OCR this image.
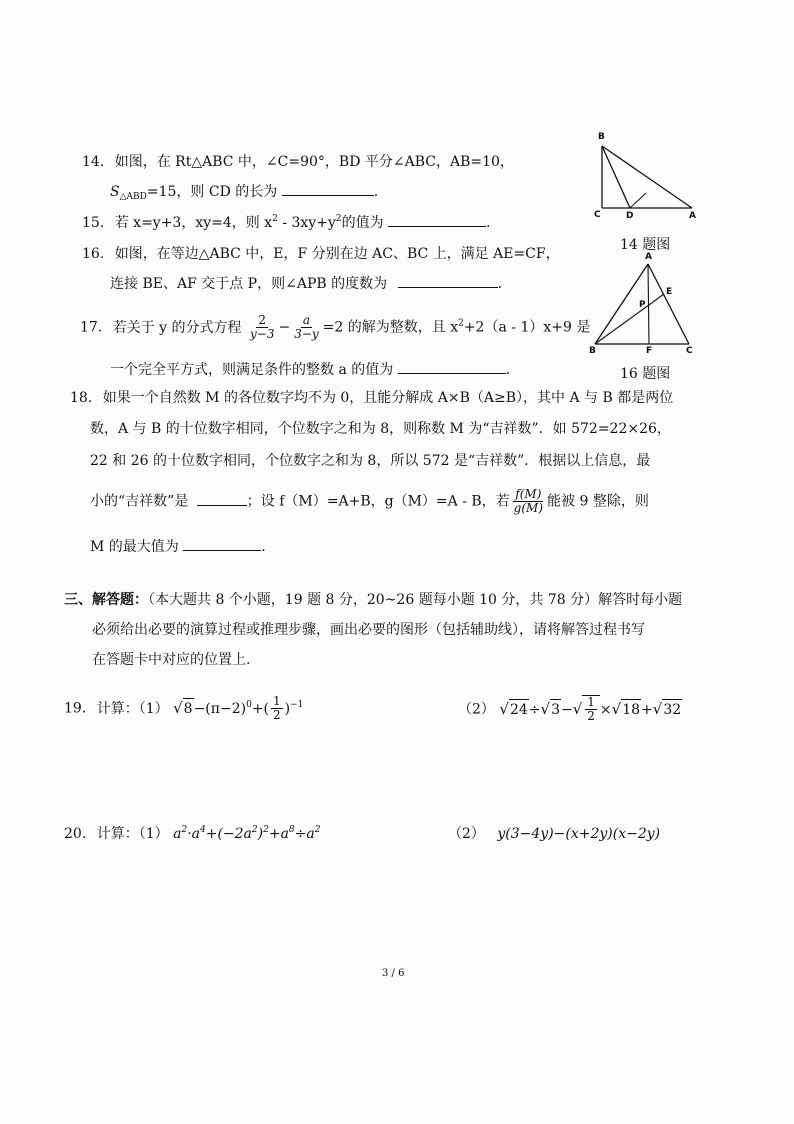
14. 如图，在 Rt△ABC 中，∠C=90°，BD 平分∠ABC，AB=10，
$S_{\triangle ABD}=15$，则 CD 的长为	.
15. 若 x=y+3，xy=4，则 $x^2 - 3xy+y^2$的值为	.
16. 如图，在等边△ABC 中，E，F 分别在边 AC、BC 上，满足 AE=CF，
连接 BE、AF 交于点 P，则∠APB 的度数为	.
17. 若关于 y 的分式方程 $\frac{2}{y-3} - \frac{a}{3-y} =2$ 的解为整数，且 $x^2+2(a - 1)x+9$ 是
一个完全平方式，则满足条件的整数 a 的值为	.
18. 如果一个自然数 M 的各位数字均不为 0，且能分解成 A×B（A≥B），其中 A 与 B 都是两位
数，A 与 B 的十位数字相同，个位数字之和为 8，则称数 M 为“吉祥数”．如 572=22×26，
22 和 26 的十位数字相同，个位数字之和为 8，所以 572 是“吉祥数”．根据以上信息，最
小的“吉祥数”是	；设 f（M）=A+B，g（M）=A - B，若 $\frac{f(M)}{g(M)}$ 能被 9 整除，则
M 的最大值为	.
三、解答题：（本大题共 8 个小题，19 题 8 分，20~26 题每小题 10 分，共 78 分）解答时每小题
必须给出必要的演算过程或推理步骤，画出必要的图形（包括辅助线），请将解答过程书写
在答题卡中对应的位置上.
19. 计算：（1） $√8-(\pi-2)^0+( \frac{1}{2} )^{-1}$	（2） $√24\div√3-√ \frac{1}{2} \times√18+√32$
20. 计算：（1） $a^2\cdot a^4+(-2a^2)^2+a^8\div a^2$	（2） y(3−4y)−(x+2y)(x−2y)
B
C	D	A
14 题图
A
P
E
B	F	C
16 题图
3 / 6
